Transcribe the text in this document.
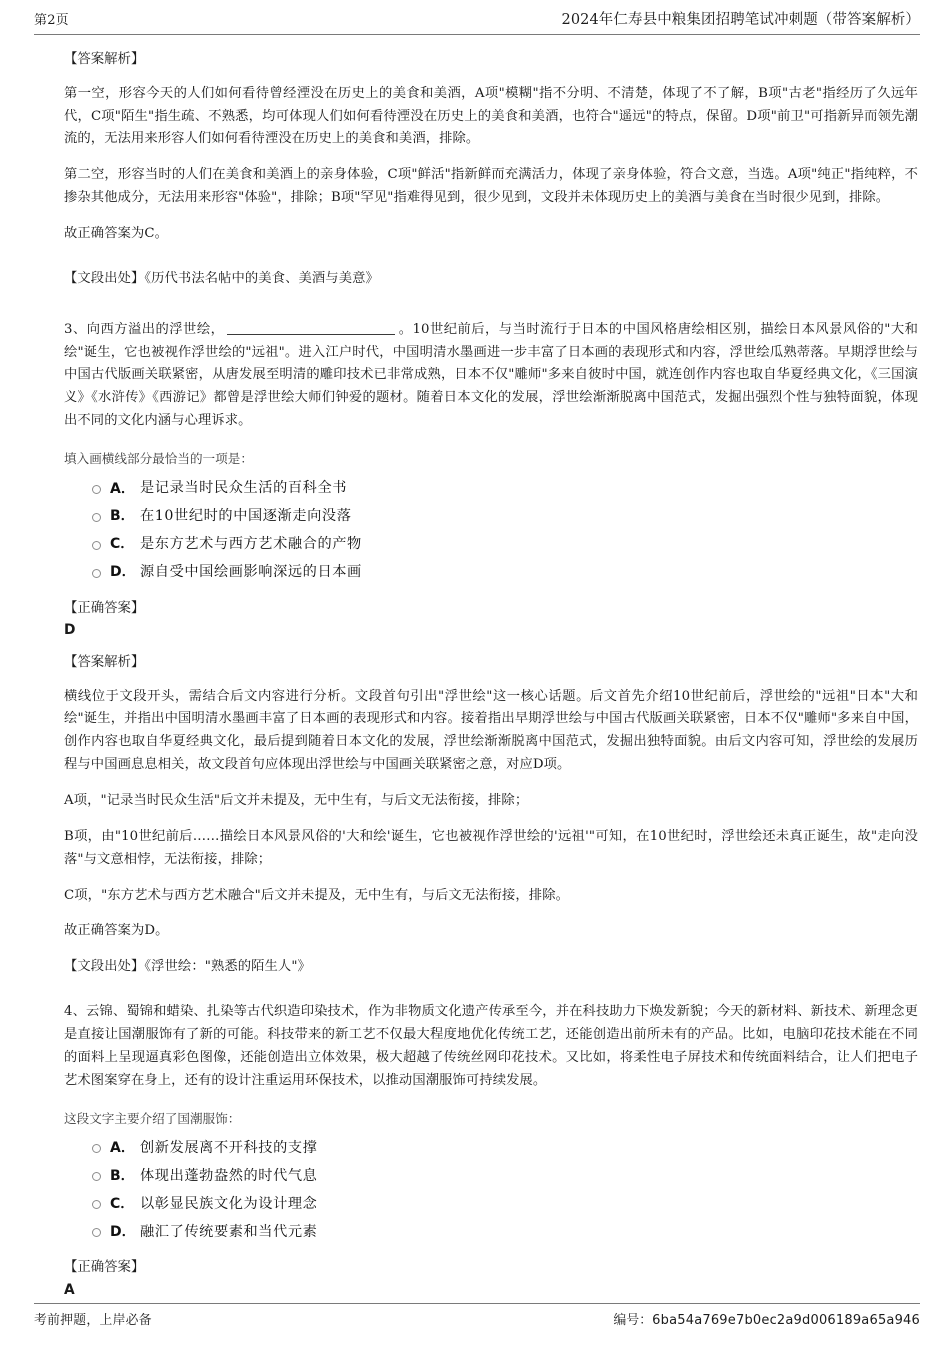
第2页	2024年仁寿县中粮集团招聘笔试冲刺题（带答案解析）
【答案解析】

第一空，形容今天的人们如何看待曾经湮没在历史上的美食和美酒，A项"模糊"指不分明、不清楚，体现了不了解，B项"古老"指经历了久远年代，C项"陌生"指生疏、不熟悉，均可体现人们如何看待湮没在历史上的美食和美酒，也符合"遥远"的特点，保留。D项"前卫"可指新异而领先潮流的，无法用来形容人们如何看待湮没在历史上的美食和美酒，排除。

第二空，形容当时的人们在美食和美酒上的亲身体验，C项"鲜活"指新鲜而充满活力，体现了亲身体验，符合文意，当选。A项"纯正"指纯粹，不掺杂其他成分，无法用来形容"体验"，排除；B项"罕见"指难得见到，很少见到，文段并未体现历史上的美酒与美食在当时很少见到，排除。

故正确答案为C。

【文段出处】《历代书法名帖中的美食、美酒与美意》

3、向西方溢出的浮世绘，	。10世纪前后，与当时流行于日本的中国风格唐绘相区别，描绘日本风景风俗的"大和绘"诞生，它也被视作浮世绘的"远祖"。进入江户时代，中国明清水墨画进一步丰富了日本画的表现形式和内容，浮世绘瓜熟蒂落。早期浮世绘与中国古代版画关联紧密，从唐发展至明清的雕印技术已非常成熟，日本不仅"雕师"多来自彼时中国，就连创作内容也取自华夏经典文化，《三国演义》《水浒传》《西游记》都曾是浮世绘大师们钟爱的题材。随着日本文化的发展，浮世绘渐渐脱离中国范式，发掘出强烈个性与独特面貌，体现出不同的文化内涵与心理诉求。

填入画横线部分最恰当的一项是：

A． 是记录当时民众生活的百科全书
B． 在10世纪时的中国逐渐走向没落
C． 是东方艺术与西方艺术融合的产物
D． 源自受中国绘画影响深远的日本画
【正确答案】
D
【答案解析】

横线位于文段开头，需结合后文内容进行分析。文段首句引出"浮世绘"这一核心话题。后文首先介绍10世纪前后，浮世绘的"远祖"日本"大和绘"诞生，并指出中国明清水墨画丰富了日本画的表现形式和内容。接着指出早期浮世绘与中国古代版画关联紧密，日本不仅"雕师"多来自中国，创作内容也取自华夏经典文化，最后提到随着日本文化的发展，浮世绘渐渐脱离中国范式，发掘出独特面貌。由后文内容可知，浮世绘的发展历程与中国画息息相关，故文段首句应体现出浮世绘与中国画关联紧密之意，对应D项。

A项，"记录当时民众生活"后文并未提及，无中生有，与后文无法衔接，排除；

B项，由"10世纪前后……描绘日本风景风俗的'大和绘'诞生，它也被视作浮世绘的'远祖'"可知，在10世纪时，浮世绘还未真正诞生，故"走向没落"与文意相悖，无法衔接，排除；

C项，"东方艺术与西方艺术融合"后文并未提及，无中生有，与后文无法衔接，排除。

故正确答案为D。

【文段出处】《浮世绘："熟悉的陌生人"》

4、云锦、蜀锦和蜡染、扎染等古代织造印染技术，作为非物质文化遗产传承至今，并在科技助力下焕发新貌；今天的新材料、新技术、新理念更是直接让国潮服饰有了新的可能。科技带来的新工艺不仅最大程度地优化传统工艺，还能创造出前所未有的产品。比如，电脑印花技术能在不同的面料上呈现逼真彩色图像，还能创造出立体效果，极大超越了传统丝网印花技术。又比如，将柔性电子屏技术和传统面料结合，让人们把电子艺术图案穿在身上，还有的设计注重运用环保技术，以推动国潮服饰可持续发展。

这段文字主要介绍了国潮服饰：

A． 创新发展离不开科技的支撑
B． 体现出蓬勃盎然的时代气息
C． 以彰显民族文化为设计理念
D． 融汇了传统要素和当代元素
【正确答案】
A
考前押题，上岸必备	编号：6ba54a769e7b0ec2a9d006189a65a946
